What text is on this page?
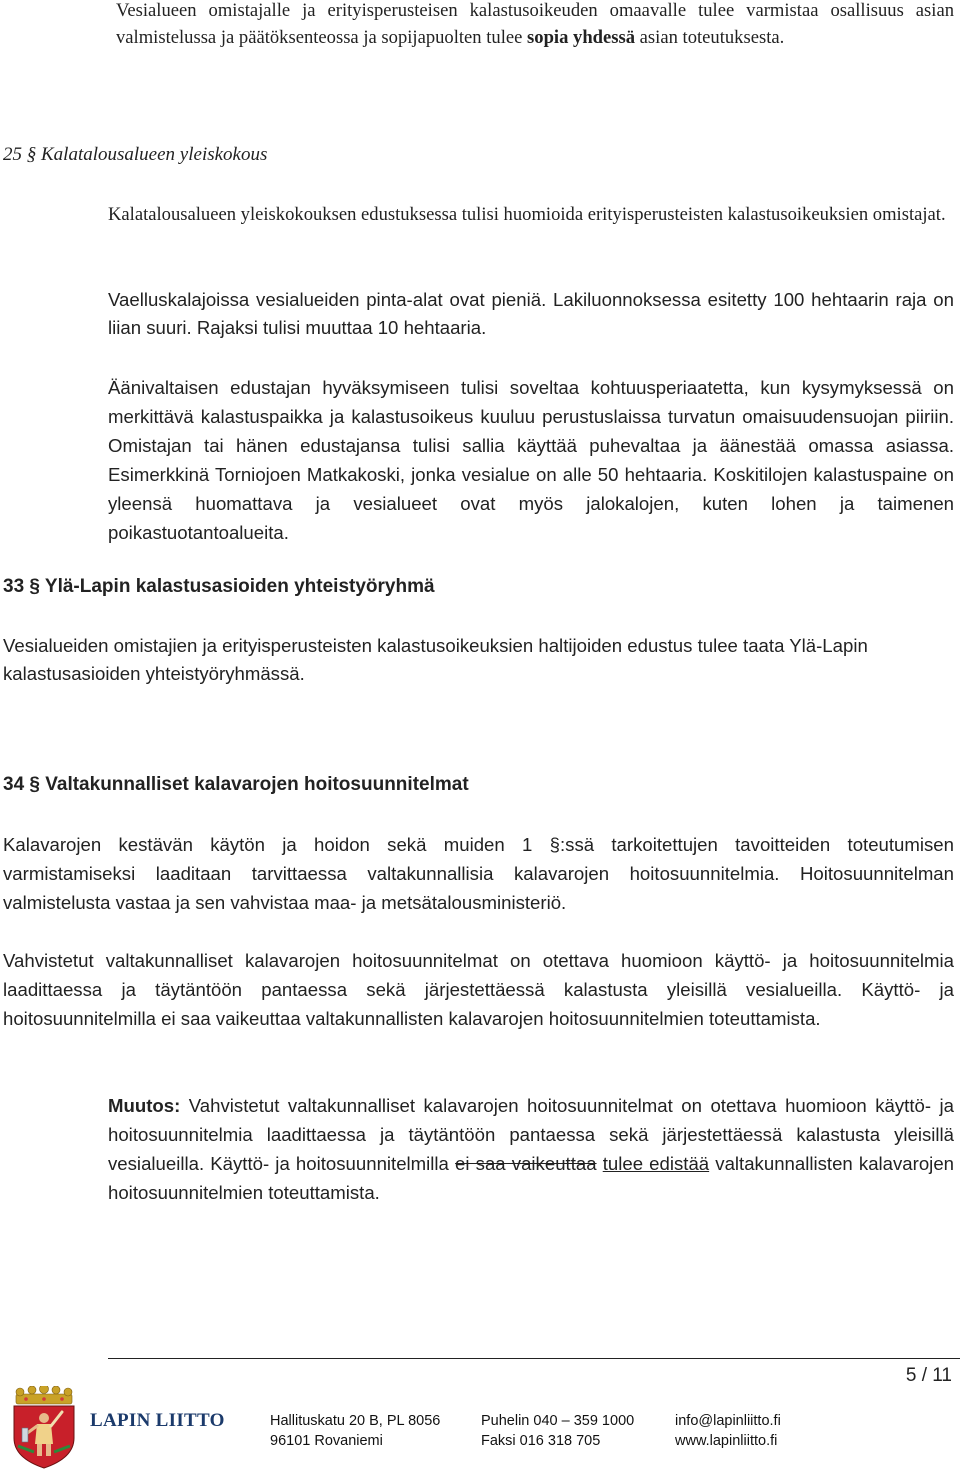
Vesialueen omistajalle ja erityisperusteisen kalastusoikeuden omaavalle tulee varmistaa osallisuus asian valmistelussa ja päätöksenteossa ja sopijapuolten tulee sopia yhdessä asian toteutuksesta.

25 § Kalatalousalueen yleiskokous

Kalatalousalueen yleiskokouksen edustuksessa tulisi huomioida erityisperusteisten kalastusoikeuksien omistajat.

Vaelluskalajoissa vesialueiden pinta-alat ovat pieniä. Lakiluonnoksessa esitetty 100 hehtaarin raja on liian suuri. Rajaksi tulisi muuttaa 10 hehtaaria.

Äänivaltaisen edustajan hyväksymiseen tulisi soveltaa kohtuusperiaatetta, kun kysymyksessä on merkittävä kalastuspaikka ja kalastusoikeus kuuluu perustuslaissa turvatun omaisuudensuojan piiriin. Omistajan tai hänen edustajansa tulisi sallia käyttää puhevaltaa ja äänestää omassa asiassa. Esimerkkinä Torniojoen Matkakoski, jonka vesialue on alle 50 hehtaaria. Koskitilojen kalastuspaine on yleensä huomattava ja vesialueet ovat myös jalokalojen, kuten lohen ja taimenen poikastuotantoalueita.

33 § Ylä-Lapin kalastusasioiden yhteistyöryhmä

Vesialueiden omistajien ja erityisperusteisten kalastusoikeuksien haltijoiden edustus tulee taata Ylä-Lapin kalastusasioiden yhteistyöryhmässä.

34 § Valtakunnalliset kalavarojen hoitosuunnitelmat

Kalavarojen kestävän käytön ja hoidon sekä muiden 1 §:ssä tarkoitettujen tavoitteiden toteutumisen varmistamiseksi laaditaan tarvittaessa valtakunnallisia kalavarojen hoitosuunnitelmia. Hoitosuunnitelman valmistelusta vastaa ja sen vahvistaa maa- ja metsätalousministeriö.

Vahvistetut valtakunnalliset kalavarojen hoitosuunnitelmat on otettava huomioon käyttö- ja hoitosuunnitelmia laadittaessa ja täytäntöön pantaessa sekä järjestettäessä kalastusta yleisillä vesialueilla. Käyttö- ja hoitosuunnitelmilla ei saa vaikeuttaa valtakunnallisten kalavarojen hoitosuunnitelmien toteuttamista.

Muutos: Vahvistetut valtakunnalliset kalavarojen hoitosuunnitelmat on otettava huomioon käyttö- ja hoitosuunnitelmia laadittaessa ja täytäntöön pantaessa sekä järjestettäessä kalastusta yleisillä vesialueilla. Käyttö- ja hoitosuunnitelmilla ei saa vaikeuttaa tulee edistää valtakunnallisten kalavarojen hoitosuunnitelmien toteuttamista.

5 / 11
LAPIN LIITTO	Hallituskatu 20 B, PL 8056
96101 Rovaniemi
Puhelin 040 – 359 1000
Faksi 016 318 705
info@lapinliitto.fi
www.lapinliitto.fi
